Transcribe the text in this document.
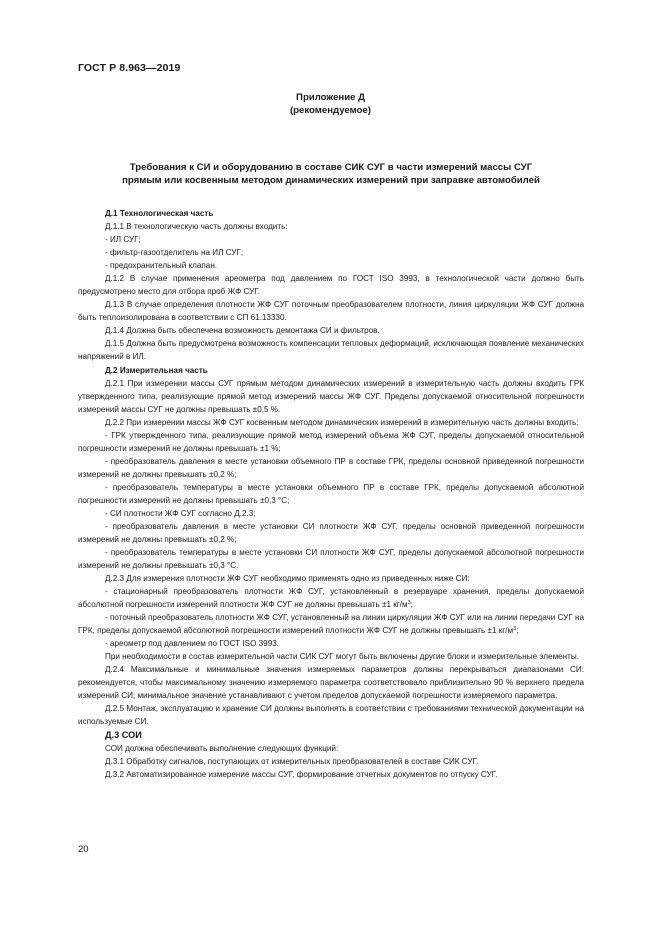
ГОСТ Р 8.963—2019
Приложение Д
(рекомендуемое)
Требования к СИ и оборудованию в составе СИК СУГ в части измерений массы СУГ
прямым или косвенным методом динамических измерений при заправке автомобилей

Д.1 Технологическая часть

Д.1.1 В технологическую часть должны входить:

- ИЛ СУГ;

- фильтр-газоотделитель на ИЛ СУГ;

- предохранительный клапан.

Д.1.2 В случае применения ареометра под давлением по ГОСТ ISO 3993, в технологической части должно быть предусмотрено место для отбора проб ЖФ СУГ.

Д.1.3 В случае определения плотности ЖФ СУГ поточным преобразователем плотности, линия циркуляции ЖФ СУГ должна быть теплоизолирована в соответствии с СП 61.13330.

Д.1.4 Должна быть обеспечена возможность демонтажа СИ и фильтров.

Д.1.5 Должна быть предусмотрена возможность компенсации тепловых деформаций, исключающая появление механических напряжений в ИЛ.

Д.2 Измерительная часть

Д.2.1 При измерении массы СУГ прямым методом динамических измерений в измерительную часть должны входить ГРК утвержденного типа, реализующие прямой метод измерений массы ЖФ СУГ. Пределы допускаемой относительной погрешности измерений массы СУГ не должны превышать ±0,5 %.

Д.2.2 При измерении массы ЖФ СУГ косвенным методом динамических измерений в измерительную часть должны входить:

- ГРК утвержденного типа, реализующие прямой метод измерений объема ЖФ СУГ, пределы допускаемой относительной погрешности измерений не должны превышать ±1 %;

- преобразователь давления в месте установки объемного ПР в составе ГРК, пределы основной приведенной погрешности измерений не должны превышать ±0,2 %;

- преобразователь температуры в месте установки объемного ПР в составе ГРК, пределы допускаемой абсолютной погрешности измерений не должны превышать ±0,3 °С;

- СИ плотности ЖФ СУГ согласно Д.2.3;

- преобразователь давления в месте установки СИ плотности ЖФ СУГ, пределы основной приведенной погрешности измерений не должны превышать ±0,2 %;

- преобразователь температуры в месте установки СИ плотности ЖФ СУГ, пределы допускаемой абсолютной погрешности измерений не должны превышать ±0,3 °С.

Д.2.3 Для измерения плотности ЖФ СУГ необходимо применять одно из приведенных ниже СИ:

- стационарный преобразователь плотности ЖФ СУГ, установленный в резервуаре хранения, пределы допускаемой абсолютной погрешности измерений плотности ЖФ СУГ не должны превышать ±1 $кг/м^3$;

- поточный преобразователь плотности ЖФ СУГ, установленный на линии циркуляции ЖФ СУГ или на линии передачи СУГ на ГРК, пределы допускаемой абсолютной погрешности измерений плотности ЖФ СУГ не должны превышать ±1 $кг/м^3$;

- ареометр под давлением по ГОСТ ISO 3993.

При необходимости в состав измерительной части СИК СУГ могут быть включены другие блоки и измерительные элементы.

Д.2.4 Максимальные и минимальные значения измеряемых параметров должны перекрываться диапазонами СИ: рекомендуется, чтобы максимальному значению измеряемого параметра соответствовало приблизительно 90 % верхнего предела измерений СИ; минимальное значение устанавливают с учетом пределов допускаемой погрешности измеряемого параметра.

Д.2.5 Монтаж, эксплуатацию и хранение СИ должны выполнять в соответствии с требованиями технической документации на используемые СИ.

Д.3 СОИ

СОИ должна обеспечивать выполнение следующих функций:

Д.3.1 Обработку сигналов, поступающих от измерительных преобразователей в составе СИК СУГ.

Д.3.2 Автоматизированное измерение массы СУГ, формирование отчетных документов по отпуску СУГ.

20
